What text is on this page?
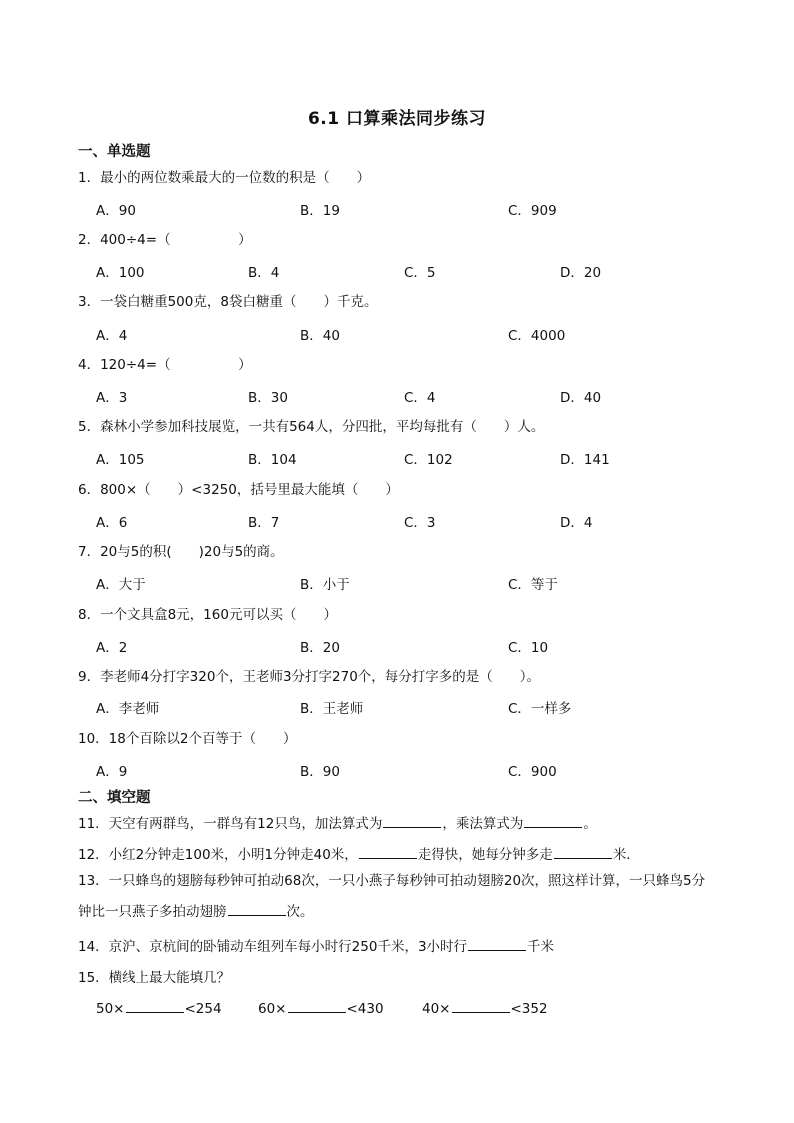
6.1 口算乘法同步练习
一、单选题
1．最小的两位数乘最大的一位数的积是（　　）
A．90	B．19	C．909
2．400÷4=（　　　　　）
A．100	B．4	C．5	D．20
3．一袋白糖重500克，8袋白糖重（　　）千克。
A．4	B．40	C．4000
4．120÷4=（　　　　　）
A．3	B．30	C．4	D．40
5．森林小学参加科技展览，一共有564人，分四批，平均每批有（　　）人。
A．105	B．104	C．102	D．141
6．800×（　　）<3250，括号里最大能填（　　）
A．6	B．7	C．3	D．4
7．20与5的积(　　)20与5的商。
A．大于	B．小于	C．等于
8．一个文具盒8元，160元可以买（　　）
A．2	B．20	C．10
9．李老师4分打字320个，王老师3分打字270个，每分打字多的是（　　）。
A．李老师	B．王老师	C．一样多
10．18个百除以2个百等于（　　）
A．9	B．90	C．900
二、填空题
11．天空有两群鸟，一群鸟有12只鸟，加法算式为	，乘法算式为	。
12．小红2分钟走100米，小明1分钟走40米，	走得快，她每分钟多走	米．
13．一只蜂鸟的翅膀每秒钟可拍动68次，一只小燕子每秒钟可拍动翅膀20次，照这样计算，一只蜂鸟5分钟比一只燕子多拍动翅膀	次。
14．京沪、京杭间的卧铺动车组列车每小时行250千米，3小时行	千米
15．横线上最大能填几？
50×	<254	60×	<430	40×	<352
